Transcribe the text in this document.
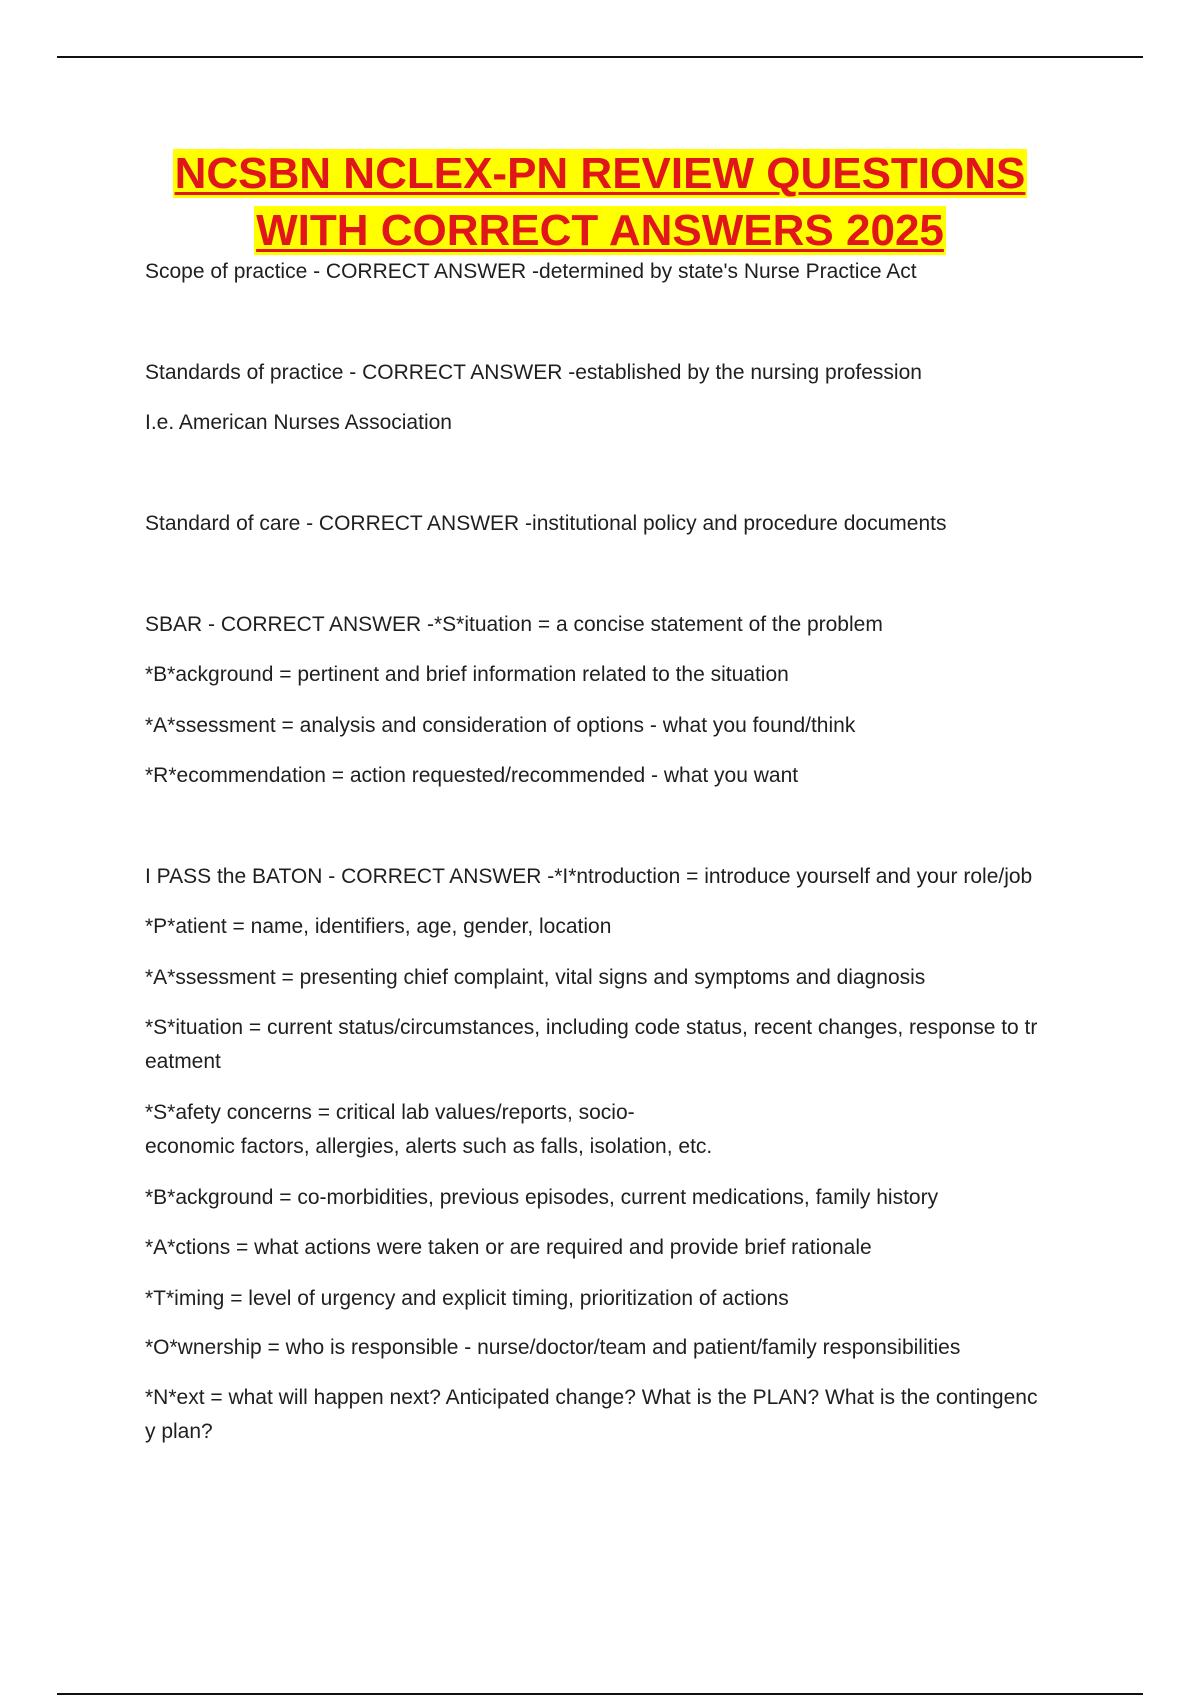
NCSBN NCLEX-PN REVIEW QUESTIONS
WITH CORRECT ANSWERS 2025
Scope of practice - CORRECT ANSWER -determined by state's Nurse Practice Act
Standards of practice - CORRECT ANSWER -established by the nursing profession
I.e. American Nurses Association
Standard of care - CORRECT ANSWER -institutional policy and procedure documents
SBAR - CORRECT ANSWER -*S*ituation = a concise statement of the problem
*B*ackground = pertinent and brief information related to the situation
*A*ssessment = analysis and consideration of options - what you found/think
*R*ecommendation = action requested/recommended - what you want
I PASS the BATON - CORRECT ANSWER -*I*ntroduction = introduce yourself and your role/job
*P*atient = name, identifiers, age, gender, location
*A*ssessment = presenting chief complaint, vital signs and symptoms and diagnosis
*S*ituation = current status/circumstances, including code status, recent changes, response to tr
eatment
*S*afety concerns = critical lab values/reports, socio-
economic factors, allergies, alerts such as falls, isolation, etc.
*B*ackground = co-morbidities, previous episodes, current medications, family history
*A*ctions = what actions were taken or are required and provide brief rationale
*T*iming = level of urgency and explicit timing, prioritization of actions
*O*wnership = who is responsible - nurse/doctor/team and patient/family responsibilities
*N*ext = what will happen next? Anticipated change? What is the PLAN? What is the contingenc
y plan?
